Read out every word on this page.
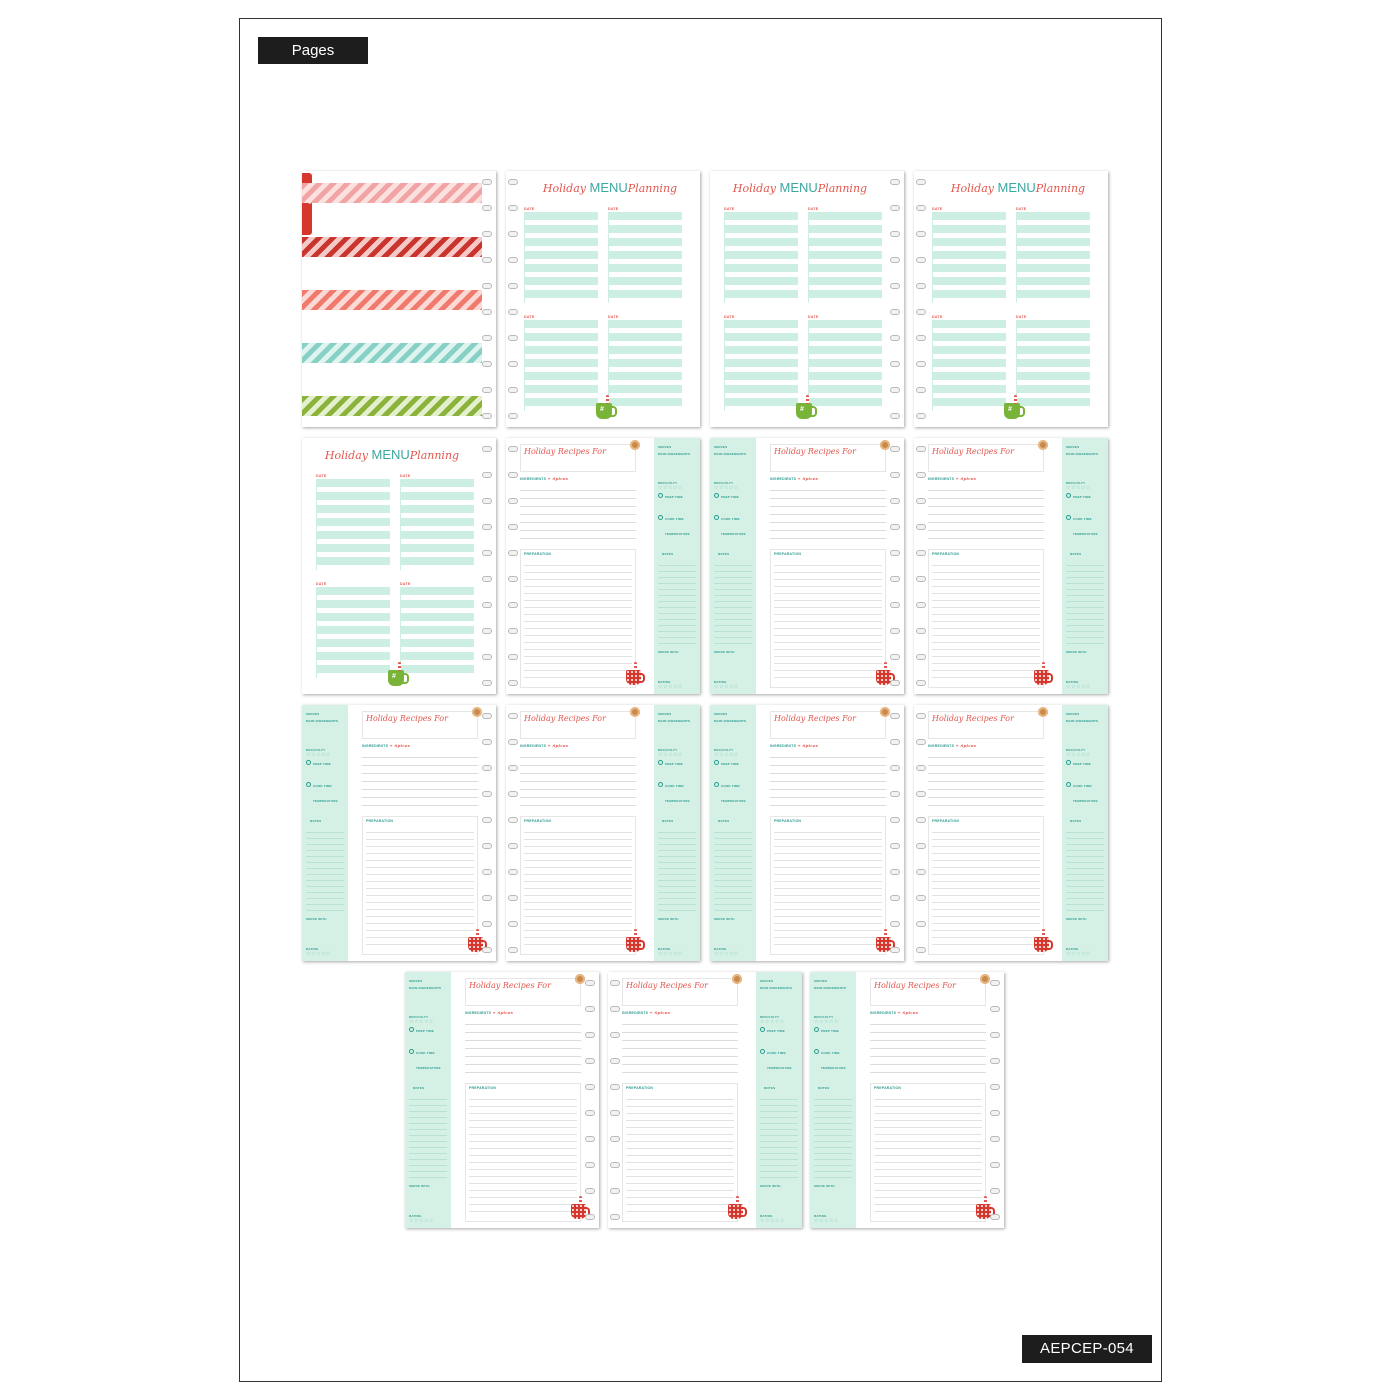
Pages
AEPCEP-054
Holiday MENUPlanning
DATE	DATE
DATE	DATE
#
Holiday MENUPlanning
DATE	DATE
DATE	DATE
#
Holiday MENUPlanning
DATE	DATE
DATE	DATE
#
Holiday MENUPlanning
DATE	DATE
DATE	DATE
#
SERVES
MAIN INGREDIENTS
DIFFICULTY
☆☆☆☆☆
PREP TIME
COOK TIME
TEMPERATURE
NOTES
SERVE WITH
RATING
☆☆☆☆☆
Holiday Recipes For
INGREDIENTS + Spices
PREPARATION
SERVES
MAIN INGREDIENTS
DIFFICULTY
☆☆☆☆☆
PREP TIME
COOK TIME
TEMPERATURE
NOTES
SERVE WITH
RATING
☆☆☆☆☆
Holiday Recipes For
INGREDIENTS + Spices
PREPARATION
SERVES
MAIN INGREDIENTS
DIFFICULTY
☆☆☆☆☆
PREP TIME
COOK TIME
TEMPERATURE
NOTES
SERVE WITH
RATING
☆☆☆☆☆
Holiday Recipes For
INGREDIENTS + Spices
PREPARATION
SERVES
MAIN INGREDIENTS
DIFFICULTY
☆☆☆☆☆
PREP TIME
COOK TIME
TEMPERATURE
NOTES
SERVE WITH
RATING
☆☆☆☆☆
Holiday Recipes For
INGREDIENTS + Spices
PREPARATION
SERVES
MAIN INGREDIENTS
DIFFICULTY
☆☆☆☆☆
PREP TIME
COOK TIME
TEMPERATURE
NOTES
SERVE WITH
RATING
☆☆☆☆☆
Holiday Recipes For
INGREDIENTS + Spices
PREPARATION
SERVES
MAIN INGREDIENTS
DIFFICULTY
☆☆☆☆☆
PREP TIME
COOK TIME
TEMPERATURE
NOTES
SERVE WITH
RATING
☆☆☆☆☆
Holiday Recipes For
INGREDIENTS + Spices
PREPARATION
SERVES
MAIN INGREDIENTS
DIFFICULTY
☆☆☆☆☆
PREP TIME
COOK TIME
TEMPERATURE
NOTES
SERVE WITH
RATING
☆☆☆☆☆
Holiday Recipes For
INGREDIENTS + Spices
PREPARATION
SERVES
MAIN INGREDIENTS
DIFFICULTY
☆☆☆☆☆
PREP TIME
COOK TIME
TEMPERATURE
NOTES
SERVE WITH
RATING
☆☆☆☆☆
Holiday Recipes For
INGREDIENTS + Spices
PREPARATION
SERVES
MAIN INGREDIENTS
DIFFICULTY
☆☆☆☆☆
PREP TIME
COOK TIME
TEMPERATURE
NOTES
SERVE WITH
RATING
☆☆☆☆☆
Holiday Recipes For
INGREDIENTS + Spices
PREPARATION
SERVES
MAIN INGREDIENTS
DIFFICULTY
☆☆☆☆☆
PREP TIME
COOK TIME
TEMPERATURE
NOTES
SERVE WITH
RATING
☆☆☆☆☆
Holiday Recipes For
INGREDIENTS + Spices
PREPARATION
